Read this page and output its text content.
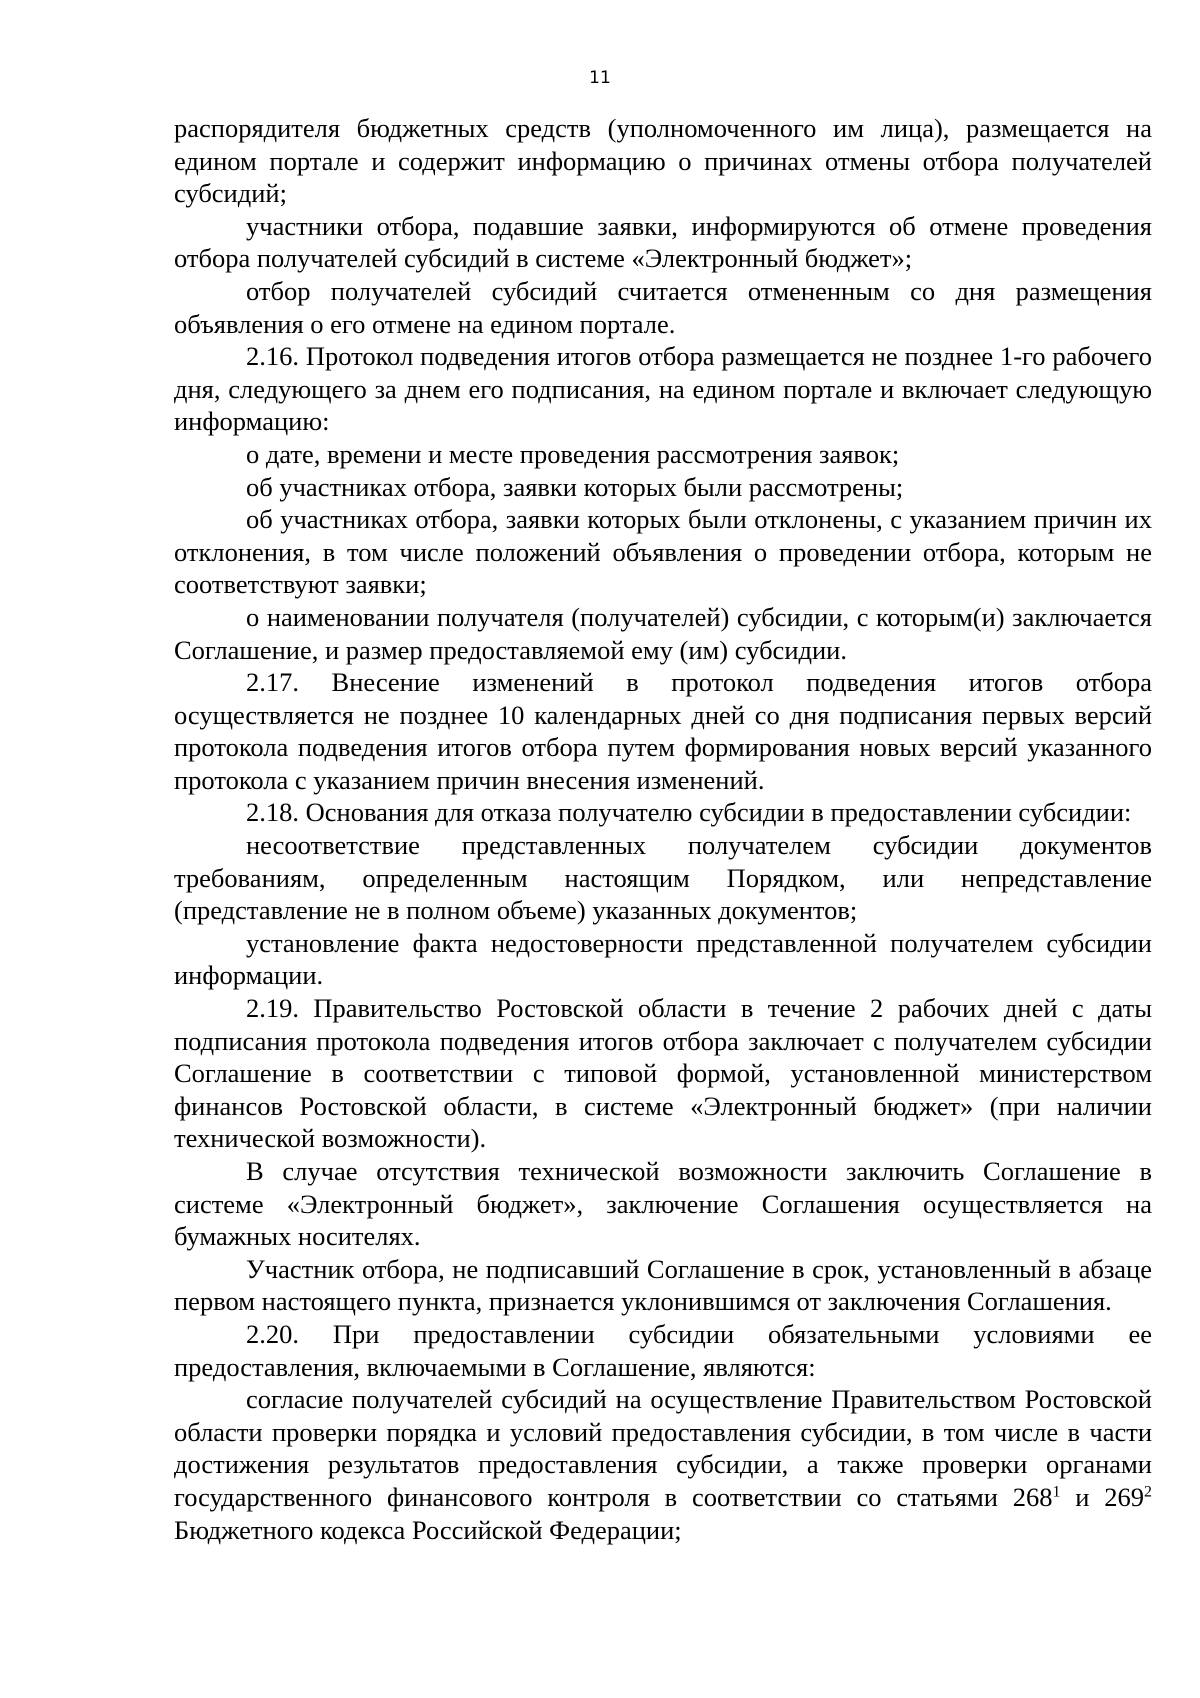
11

распорядителя бюджетных средств (уполномоченного им лица), размещается на едином портале и содержит информацию о причинах отмены отбора получателей субсидий;

участники отбора, подавшие заявки, информируются об отмене проведения отбора получателей субсидий в системе «Электронный бюджет»;

отбор получателей субсидий считается отмененным со дня размещения объявления о его отмене на едином портале.

2.16. Протокол подведения итогов отбора размещается не позднее 1-го рабочего дня, следующего за днем его подписания, на едином портале и включает следующую информацию:

о дате, времени и месте проведения рассмотрения заявок;

об участниках отбора, заявки которых были рассмотрены;

об участниках отбора, заявки которых были отклонены, с указанием причин их отклонения, в том числе положений объявления о проведении отбора, которым не соответствуют заявки;

о наименовании получателя (получателей) субсидии, с которым(и) заключается Соглашение, и размер предоставляемой ему (им) субсидии.

2.17. Внесение изменений в протокол подведения итогов отбора осуществляется не позднее 10 календарных дней со дня подписания первых версий протокола подведения итогов отбора путем формирования новых версий указанного протокола с указанием причин внесения изменений.

2.18. Основания для отказа получателю субсидии в предоставлении субсидии:

несоответствие представленных получателем субсидии документов требованиям, определенным настоящим Порядком, или непредставление (представление не в полном объеме) указанных документов;

установление факта недостоверности представленной получателем субсидии информации.

2.19. Правительство Ростовской области в течение 2 рабочих дней с даты подписания протокола подведения итогов отбора заключает с получателем субсидии Соглашение в соответствии с типовой формой, установленной министерством финансов Ростовской области, в системе «Электронный бюджет» (при наличии технической возможности).

В случае отсутствия технической возможности заключить Соглашение в системе «Электронный бюджет», заключение Соглашения осуществляется на бумажных носителях.

Участник отбора, не подписавший Соглашение в срок, установленный в абзаце первом настоящего пункта, признается уклонившимся от заключения Соглашения.

2.20. При предоставлении субсидии обязательными условиями ее предоставления, включаемыми в Соглашение, являются:

согласие получателей субсидий на осуществление Правительством Ростовской области проверки порядка и условий предоставления субсидии, в том числе в части достижения результатов предоставления субсидии, а также проверки органами государственного финансового контроля в соответствии со статьями $268^1$ и $269^2$ Бюджетного кодекса Российской Федерации;
